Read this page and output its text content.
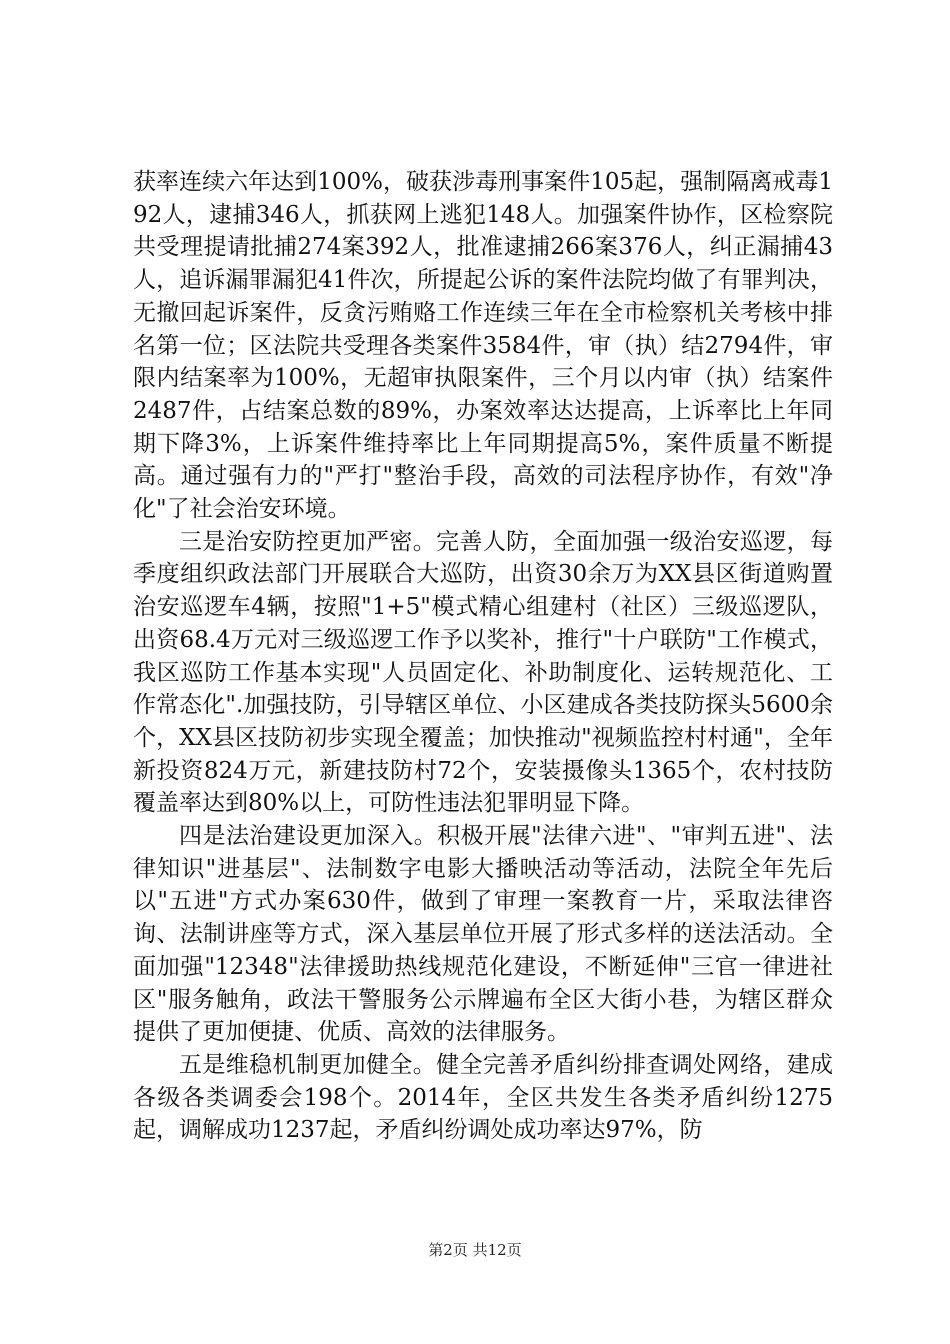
获率连续六年达到100%，破获涉毒刑事案件105起，强制隔离戒毒192人，逮捕346人，抓获网上逃犯148人。加强案件协作，区检察院共受理提请批捕274案392人，批准逮捕266案376人，纠正漏捕43人，追诉漏罪漏犯41件次，所提起公诉的案件法院均做了有罪判决，无撤回起诉案件，反贪污贿赂工作连续三年在全市检察机关考核中排名第一位；区法院共受理各类案件3584件，审（执）结2794件，审限内结案率为100%，无超审执限案件，三个月以内审（执）结案件2487件，占结案总数的89%，办案效率达达提高，上诉率比上年同期下降3%，上诉案件维持率比上年同期提高5%，案件质量不断提高。通过强有力的"严打"整治手段，高效的司法程序协作，有效"净化"了社会治安环境。

三是治安防控更加严密。完善人防，全面加强一级治安巡逻，每季度组织政法部门开展联合大巡防，出资30余万为XX县区街道购置治安巡逻车4辆，按照"1+5"模式精心组建村（社区）三级巡逻队，出资68.4万元对三级巡逻工作予以奖补，推行"十户联防"工作模式，我区巡防工作基本实现"人员固定化、补助制度化、运转规范化、工作常态化".加强技防，引导辖区单位、小区建成各类技防探头5600余个，XX县区技防初步实现全覆盖；加快推动"视频监控村村通"，全年新投资824万元，新建技防村72个，安装摄像头1365个，农村技防覆盖率达到80%以上，可防性违法犯罪明显下降。

四是法治建设更加深入。积极开展"法律六进"、"审判五进"、法律知识"进基层"、法制数字电影大播映活动等活动，法院全年先后以"五进"方式办案630件，做到了审理一案教育一片，采取法律咨询、法制讲座等方式，深入基层单位开展了形式多样的送法活动。全面加强"12348"法律援助热线规范化建设，不断延伸"三官一律进社区"服务触角，政法干警服务公示牌遍布全区大街小巷，为辖区群众提供了更加便捷、优质、高效的法律服务。

五是维稳机制更加健全。健全完善矛盾纠纷排查调处网络，建成各级各类调委会198个。2014年，全区共发生各类矛盾纠纷1275起，调解成功1237起，矛盾纠纷调处成功率达97%，防

第2页 共12页
